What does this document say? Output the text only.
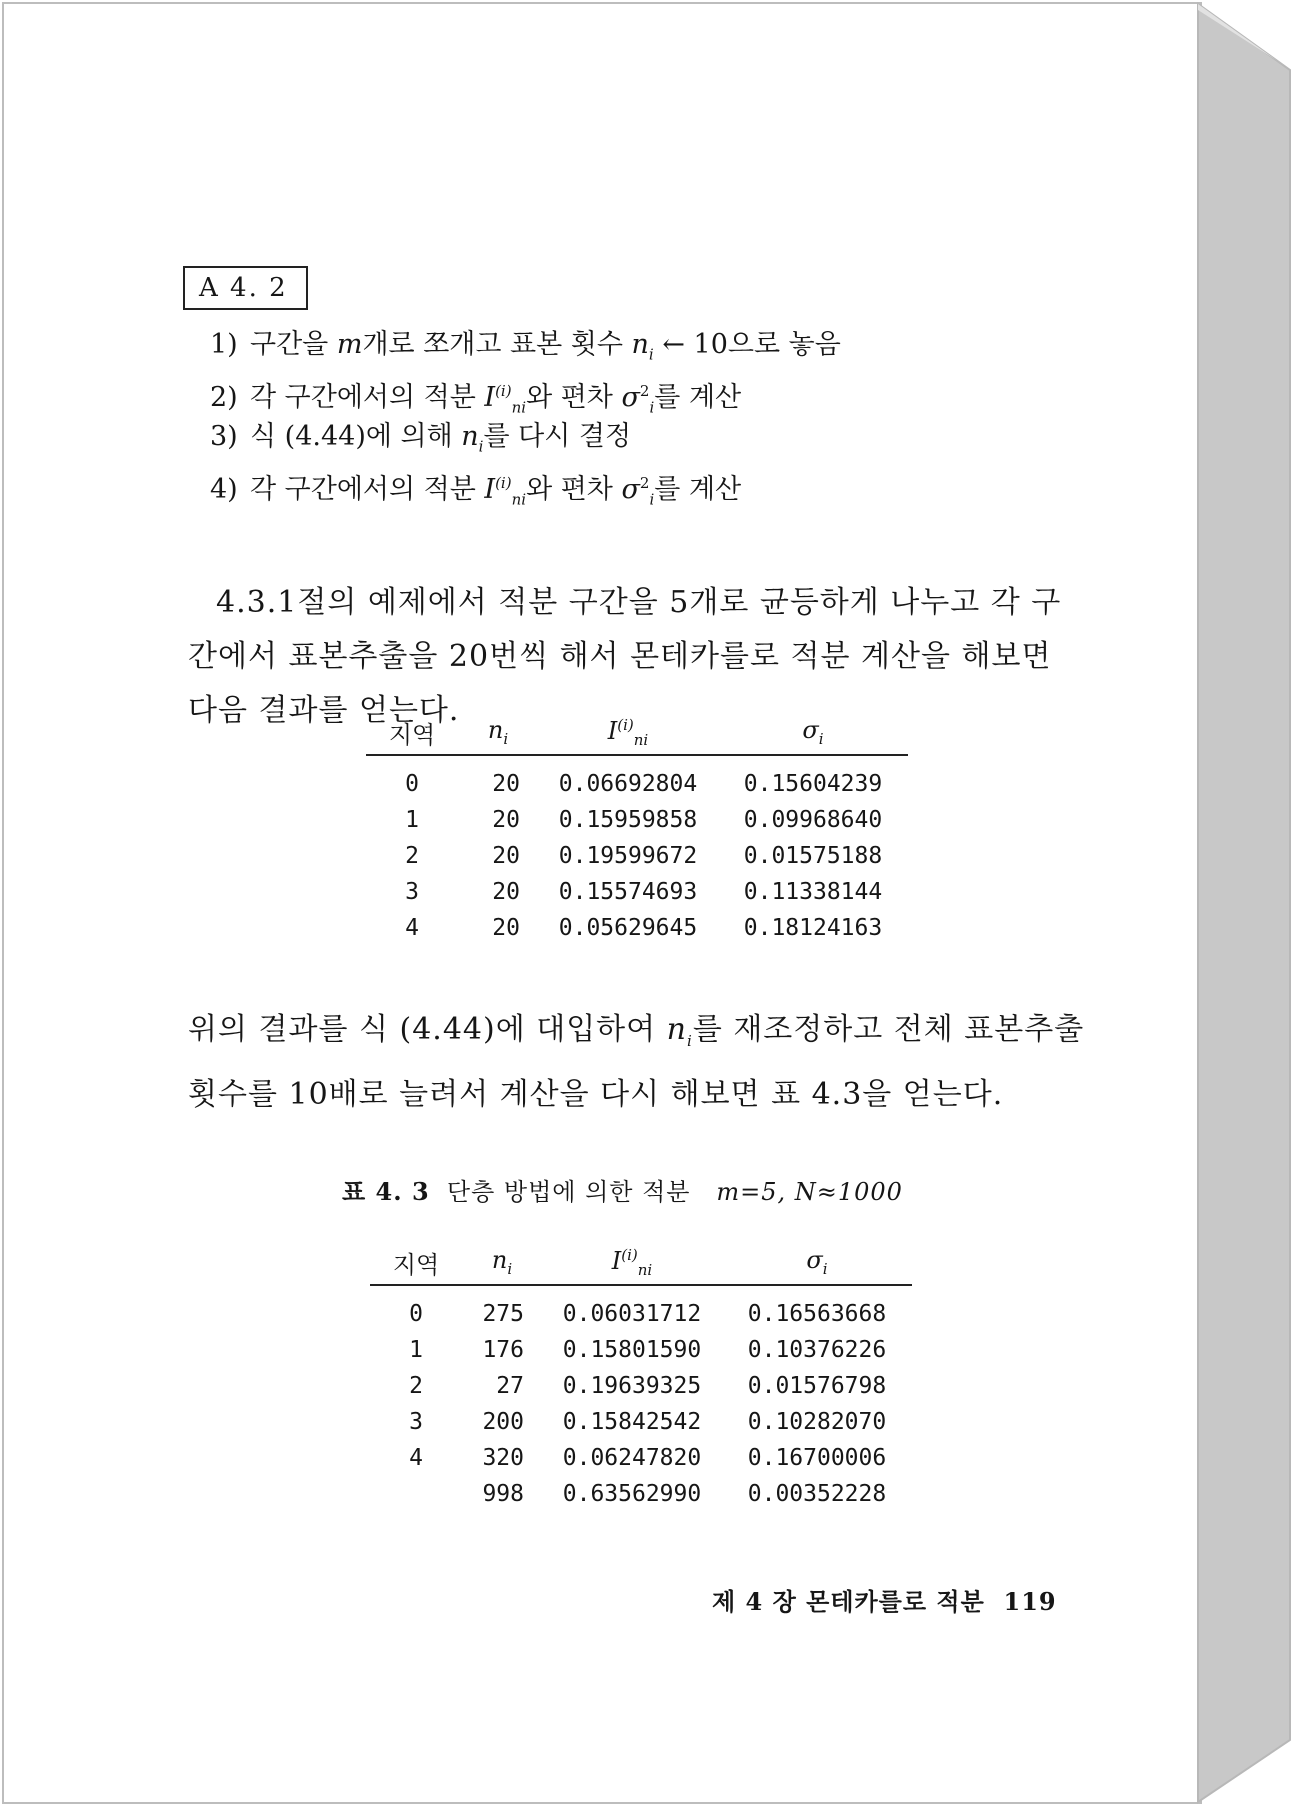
A 4. 2
1) 구간을 m개로 쪼개고 표본 횟수 $n_i$ ← 10으로 놓음
2) 각 구간에서의 적분 $I^{(i)}_{ni}$와 편차 $\sigma^2_i$를 계산
3) 식 (4.44)에 의해 $n_i$를 다시 결정
4) 각 구간에서의 적분 $I^{(i)}_{ni}$와 편차 $\sigma^2_i$를 계산

4.3.1절의 예제에서 적분 구간을 5개로 균등하게 나누고 각 구간에서 표본추출을 20번씩 해서 몬테카를로 적분 계산을 해보면 다음 결과를 얻는다.

지역	$n_i$	$I^{(i)}_{ni}$	$\sigma_i$
0	20	0.06692804	0.15604239
1	20	0.15959858	0.09968640
2	20	0.19599672	0.01575188
3	20	0.15574693	0.11338144
4	20	0.05629645	0.18124163

위의 결과를 식 (4.44)에 대입하여 $n_i$를 재조정하고 전체 표본추출 횟수를 10배로 늘려서 계산을 다시 해보면 표 4.3을 얻는다.

표 4. 3 단층 방법에 의한 적분 m=5, N≈1000
지역	$n_i$	$I^{(i)}_{ni}$	$\sigma_i$
0	275	0.06031712	0.16563668
1	176	0.15801590	0.10376226
2	27	0.19639325	0.01576798
3	200	0.15842542	0.10282070
4	320	0.06247820	0.16700006
	998	0.63562990	0.00352228
제 4 장 몬테카를로 적분 119
